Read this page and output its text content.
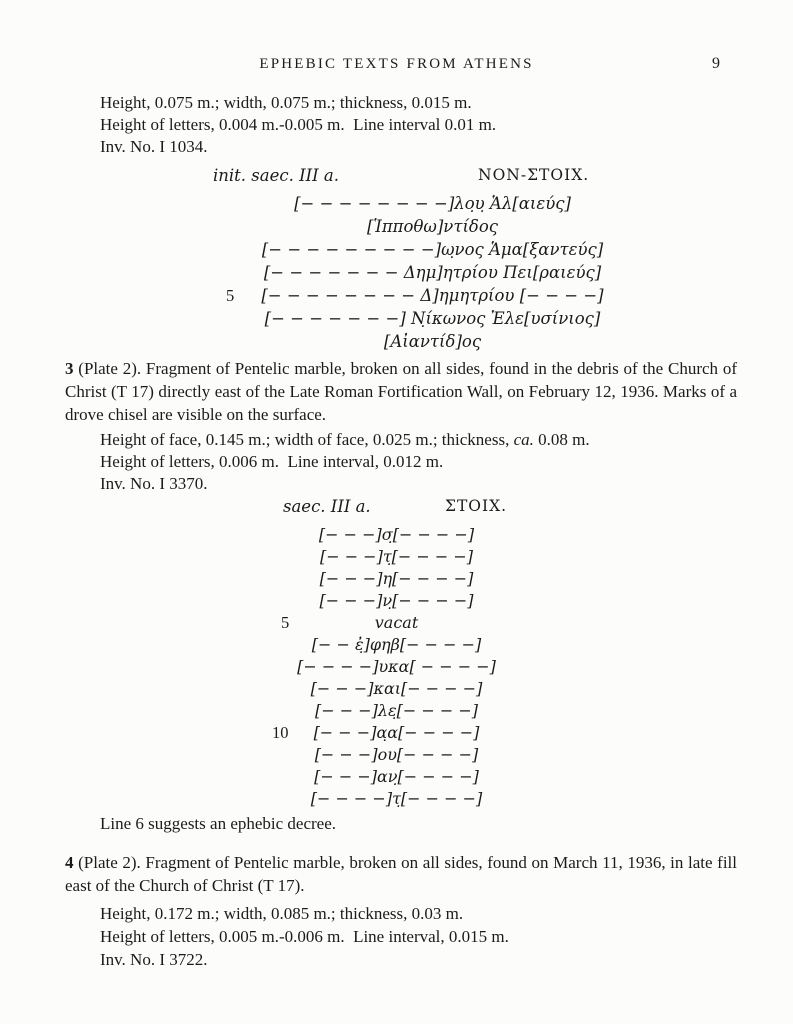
EPHEBIC TEXTS FROM ATHENS	9
Height, 0.075 m.; width, 0.075 m.; thickness, 0.015 m.
Height of letters, 0.004 m.-0.005 m.  Line interval 0.01 m.
Inv. No. I 1034.
init. saec. III a.	NON-ΣΤΟΙΧ.
[− − − − − − − −]λο̣υ̣ Ἁλ[αιεύς]
[Ἱπποθω]ντίδος
[− − − − − − − − −]ω̣νος Ἁμα[ξαντεύς]
[− − − − − − − Δημ]ητρίου Πει[ραιεύς]
5 [− − − − − − − − Δ]ημητρίου [− − − −]
[− − − − − − −] Ν̣ίκωνος Ἐλε[υσίνιος]
[Αἰαντίδ]ος
3 (Plate 2). Fragment of Pentelic marble, broken on all sides, found in the debris of the Church of Christ (T 17) directly east of the Late Roman Fortification Wall, on February 12, 1936. Marks of a drove chisel are visible on the surface.
Height of face, 0.145 m.; width of face, 0.025 m.; thickness, ca. 0.08 m.
Height of letters, 0.006 m.  Line interval, 0.012 m.
Inv. No. I 3370.
saec. III a.	ΣΤΟΙΧ.
[− − −]σ̣[− − − −]
[− − −]τ̣[− − − −]
[− − −]η[− − − −]
[− − −]ν̣[− − − −]
5	vacat
[− − ἐ̣]φηβ[− − − −]
[− − − −]υκα[ − − − −]
[− − −]και[− − − −]
[− − −]λε̣[− − − −]
10 [− − −]α̣α[− − − −]
[− − −]ου[− − − −]
[− − −]αν̣[− − − −]
[− − − −]τ̣[− − − −]
Line 6 suggests an ephebic decree.
4 (Plate 2). Fragment of Pentelic marble, broken on all sides, found on March 11, 1936, in late fill east of the Church of Christ (T 17).
Height, 0.172 m.; width, 0.085 m.; thickness, 0.03 m.
Height of letters, 0.005 m.-0.006 m.  Line interval, 0.015 m.
Inv. No. I 3722.
